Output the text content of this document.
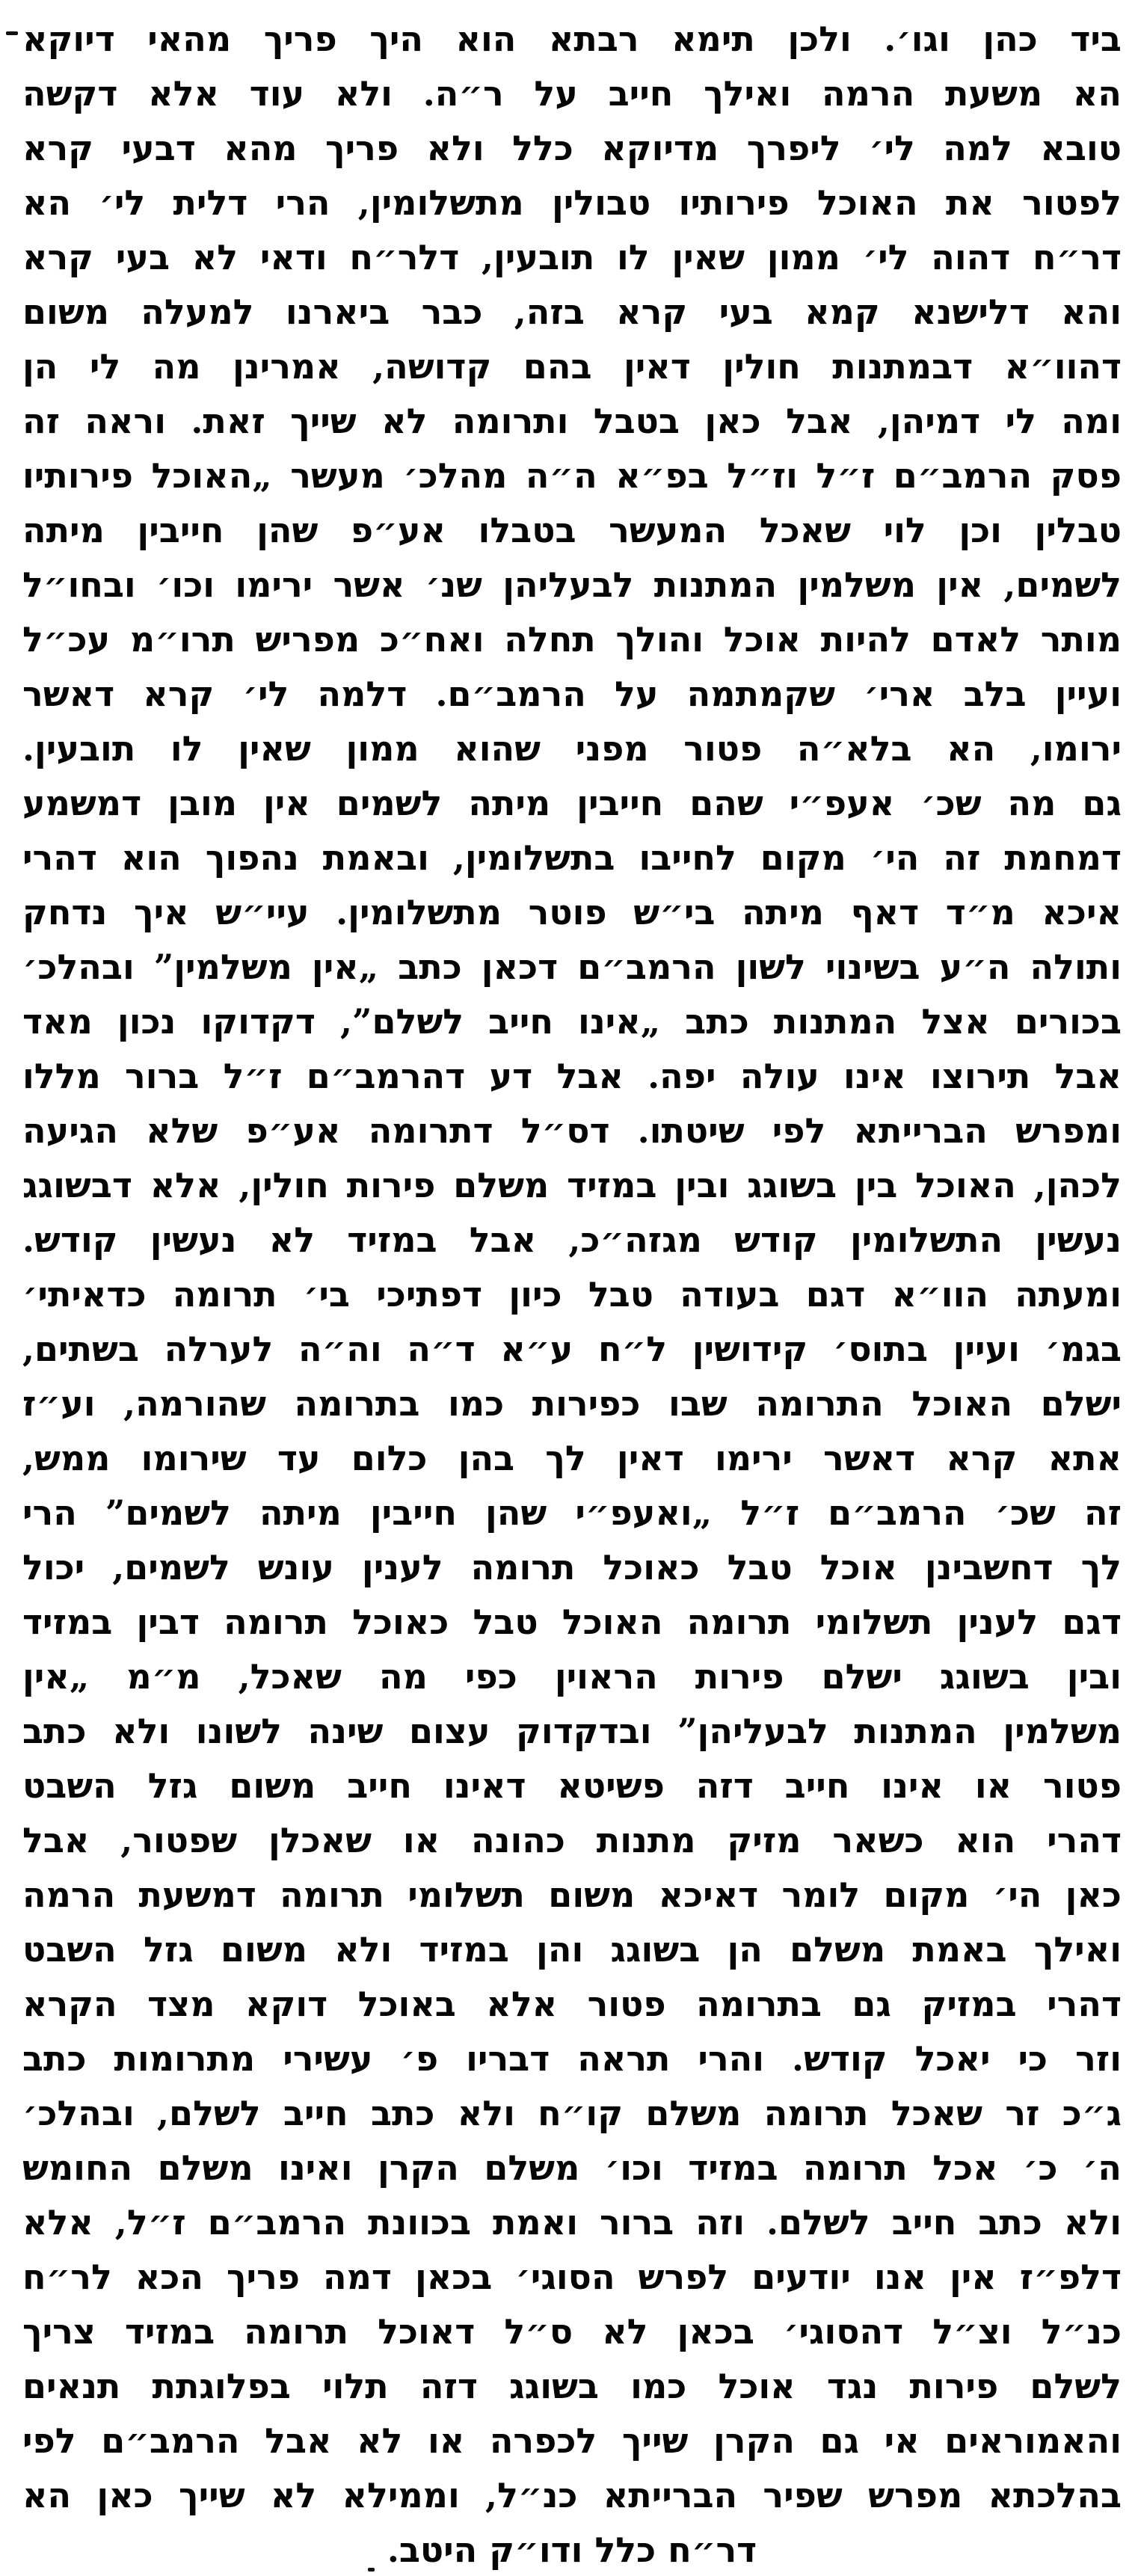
ביד כהן וגו׳. ולכן תימא רבתא הוא היך פריך מהאי דיוקא
הא משעת הרמה ואילך חייב על ר״ה. ולא עוד אלא דקשה
טובא למה לי׳ ליפרך מדיוקא כלל ולא פריך מהא דבעי קרא
לפטור את האוכל פירותיו טבולין מתשלומין, הרי דלית לי׳ הא
דר״ח דהוה לי׳ ממון שאין לו תובעין, דלר״ח ודאי לא בעי קרא
והא דלישנא קמא בעי קרא בזה, כבר ביארנו למעלה משום
דהוו״א דבמתנות חולין דאין בהם קדושה, אמרינן מה לי הן
ומה לי דמיהן, אבל כאן בטבל ותרומה לא שייך זאת. וראה זה
פסק הרמב״ם ז״ל וז״ל בפ״א ה״ה מהלכ׳ מעשר „האוכל פירותיו
טבלין וכן לוי שאכל המעשר בטבלו אע״פ שהן חייבין מיתה
לשמים, אין משלמין המתנות לבעליהן שנ׳ אשר ירימו וכו׳ ובחו״ל
מותר לאדם להיות אוכל והולך תחלה ואח״כ מפריש תרו״מ עכ״ל
ועיין בלב ארי׳ שקמתמה על הרמב״ם. דלמה לי׳ קרא דאשר
ירומו, הא בלא״ה פטור מפני שהוא ממון שאין לו תובעין.
גם מה שכ׳ אעפ״י שהם חייבין מיתה לשמים אין מובן דמשמע
דמחמת זה הי׳ מקום לחייבו בתשלומין, ובאמת נהפוך הוא דהרי
איכא מ״ד דאף מיתה בי״ש פוטר מתשלומין. עיי״ש איך נדחק
ותולה ה״ע בשינוי לשון הרמב״ם דכאן כתב „אין משלמין” ובהלכ׳
בכורים אצל המתנות כתב „אינו חייב לשלם”, דקדוקו נכון מאד
אבל תירוצו אינו עולה יפה. אבל דע דהרמב״ם ז״ל ברור מללו
ומפרש הברייתא לפי שיטתו. דס״ל דתרומה אע״פ שלא הגיעה
לכהן, האוכל בין בשוגג ובין במזיד משלם פירות חולין, אלא דבשוגג
נעשין התשלומין קודש מגזה״כ, אבל במזיד לא נעשין קודש.
ומעתה הוו״א דגם בעודה טבל כיון דפתיכי בי׳ תרומה כדאיתי׳
בגמ׳ ועיין בתוס׳ קידושין ל״ח ע״א ד״ה וה״ה לערלה בשתים,
ישלם האוכל התרומה שבו כפירות כמו בתרומה שהורמה, וע״ז
אתא קרא דאשר ירימו דאין לך בהן כלום עד שירומו ממש,
זה שכ׳ הרמב״ם ז״ל „ואעפ״י שהן חייבין מיתה לשמים” הרי
לך דחשבינן אוכל טבל כאוכל תרומה לענין עונש לשמים, יכול
דגם לענין תשלומי תרומה האוכל טבל כאוכל תרומה דבין במזיד
ובין בשוגג ישלם פירות הראוין כפי מה שאכל, מ״מ „אין
משלמין המתנות לבעליהן” ובדקדוק עצום שינה לשונו ולא כתב
פטור או אינו חייב דזה פשיטא דאינו חייב משום גזל השבט
דהרי הוא כשאר מזיק מתנות כהונה או שאכלן שפטור, אבל
כאן הי׳ מקום לומר דאיכא משום תשלומי תרומה דמשעת הרמה
ואילך באמת משלם הן בשוגג והן במזיד ולא משום גזל השבט
דהרי במזיק גם בתרומה פטור אלא באוכל דוקא מצד הקרא
וזר כי יאכל קודש. והרי תראה דבריו פ׳ עשירי מתרומות כתב
ג״כ זר שאכל תרומה משלם קו״ח ולא כתב חייב לשלם, ובהלכ׳
ה׳ כ׳ אכל תרומה במזיד וכו׳ משלם הקרן ואינו משלם החומש
ולא כתב חייב לשלם. וזה ברור ואמת בכוונת הרמב״ם ז״ל, אלא
דלפ״ז אין אנו יודעים לפרש הסוגי׳ בכאן דמה פריך הכא לר״ח
כנ״ל וצ״ל דהסוגי׳ בכאן לא ס״ל דאוכל תרומה במזיד צריך
לשלם פירות נגד אוכל כמו בשוגג דזה תלוי בפלוגתת תנאים
והאמוראים אי גם הקרן שייך לכפרה או לא אבל הרמב״ם לפי
בהלכתא מפרש שפיר הברייתא כנ״ל, וממילא לא שייך כאן הא
דר״ח כלל ודו״ק היטב.
